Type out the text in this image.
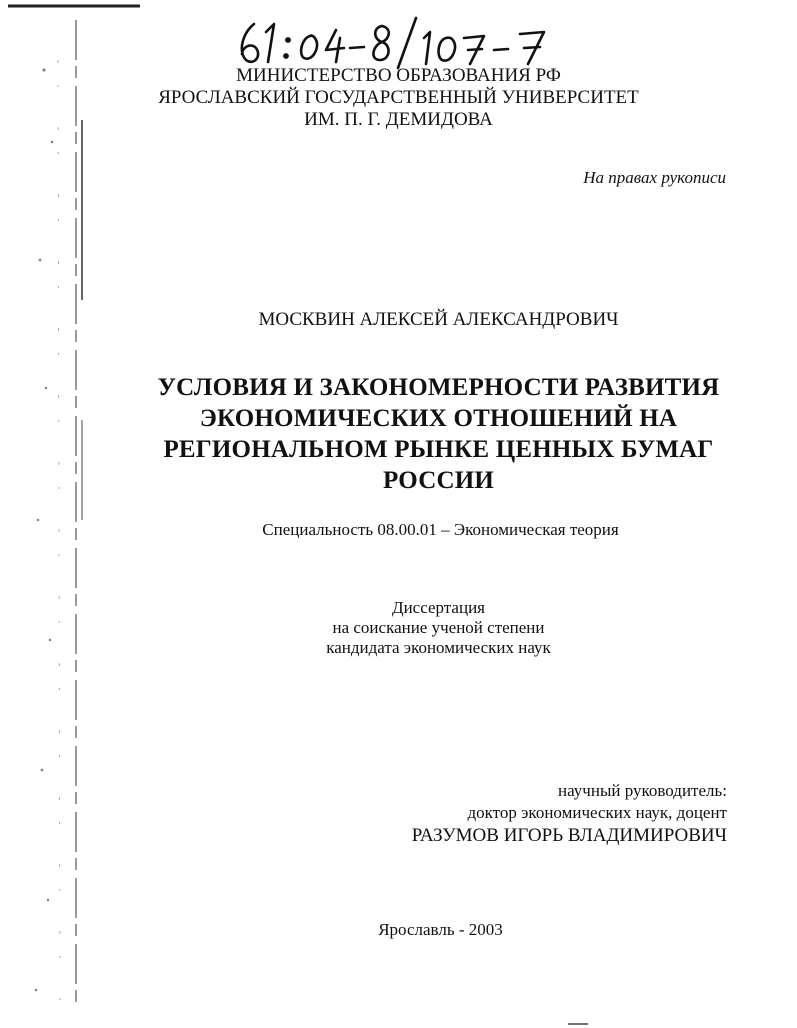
МИНИСТЕРСТВО ОБРАЗОВАНИЯ РФ
ЯРОСЛАВСКИЙ ГОСУДАРСТВЕННЫЙ УНИВЕРСИТЕТ
ИМ. П. Г. ДЕМИДОВА
На правах рукописи
МОСКВИН АЛЕКСЕЙ АЛЕКСАНДРОВИЧ
УСЛОВИЯ И ЗАКОНОМЕРНОСТИ РАЗВИТИЯ
ЭКОНОМИЧЕСКИХ ОТНОШЕНИЙ НА
РЕГИОНАЛЬНОМ РЫНКЕ ЦЕННЫХ БУМАГ
РОССИИ
Специальность 08.00.01 – Экономическая теория
Диссертация
на соискание ученой степени
кандидата экономических наук
научный руководитель:
доктор экономических наук, доцент
РАЗУМОВ ИГОРЬ ВЛАДИМИРОВИЧ
Ярославль - 2003
